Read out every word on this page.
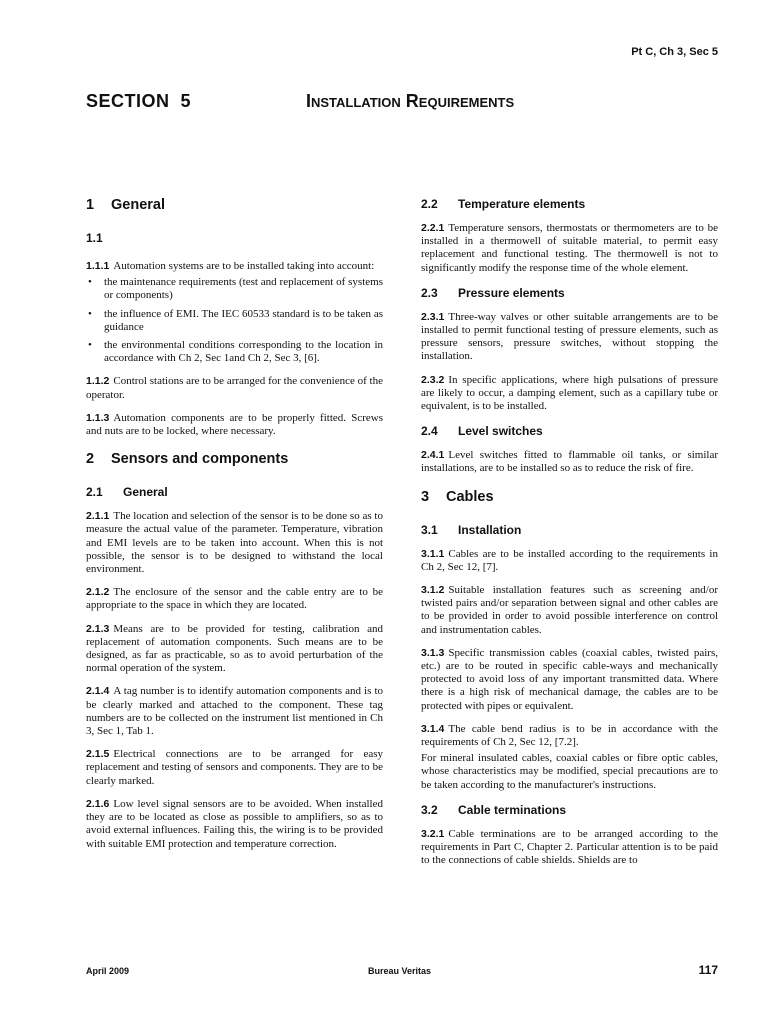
Pt C, Ch 3, Sec 5
SECTION  5	Installation Requirements
1 General
1.1
1.1.1 Automation systems are to be installed taking into account:
• the maintenance requirements (test and replacement of systems or components)
• the influence of EMI. The IEC 60533 standard is to be taken as guidance
• the environmental conditions corresponding to the location in accordance with Ch 2, Sec 1and Ch 2, Sec 3, [6].
1.1.2 Control stations are to be arranged for the convenience of the operator.
1.1.3 Automation components are to be properly fitted. Screws and nuts are to be locked, where necessary.
2 Sensors and components
2.1 General
2.1.1 The location and selection of the sensor is to be done so as to measure the actual value of the parameter. Temperature, vibration and EMI levels are to be taken into account. When this is not possible, the sensor is to be designed to withstand the local environment.
2.1.2 The enclosure of the sensor and the cable entry are to be appropriate to the space in which they are located.
2.1.3 Means are to be provided for testing, calibration and replacement of automation components. Such means are to be designed, as far as practicable, so as to avoid perturbation of the normal operation of the system.
2.1.4 A tag number is to identify automation components and is to be clearly marked and attached to the component. These tag numbers are to be collected on the instrument list mentioned in Ch 3, Sec 1, Tab 1.
2.1.5 Electrical connections are to be arranged for easy replacement and testing of sensors and components. They are to be clearly marked.
2.1.6 Low level signal sensors are to be avoided. When installed they are to be located as close as possible to amplifiers, so as to avoid external influences. Failing this, the wiring is to be provided with suitable EMI protection and temperature correction.
2.2 Temperature elements
2.2.1 Temperature sensors, thermostats or thermometers are to be installed in a thermowell of suitable material, to permit easy replacement and functional testing. The thermowell is not to significantly modify the response time of the whole element.
2.3 Pressure elements
2.3.1 Three-way valves or other suitable arrangements are to be installed to permit functional testing of pressure elements, such as pressure sensors, pressure switches, without stopping the installation.
2.3.2 In specific applications, where high pulsations of pressure are likely to occur, a damping element, such as a capillary tube or equivalent, is to be installed.
2.4 Level switches
2.4.1 Level switches fitted to flammable oil tanks, or similar installations, are to be installed so as to reduce the risk of fire.
3 Cables
3.1 Installation
3.1.1 Cables are to be installed according to the requirements in Ch 2, Sec 12, [7].
3.1.2 Suitable installation features such as screening and/or twisted pairs and/or separation between signal and other cables are to be provided in order to avoid possible interference on control and instrumentation cables.
3.1.3 Specific transmission cables (coaxial cables, twisted pairs, etc.) are to be routed in specific cable-ways and mechanically protected to avoid loss of any important transmitted data. Where there is a high risk of mechanical damage, the cables are to be protected with pipes or equivalent.
3.1.4 The cable bend radius is to be in accordance with the requirements of Ch 2, Sec 12, [7.2].
For mineral insulated cables, coaxial cables or fibre optic cables, whose characteristics may be modified, special precautions are to be taken according to the manufacturer's instructions.
3.2 Cable terminations
3.2.1 Cable terminations are to be arranged according to the requirements in Part C, Chapter 2. Particular attention is to be paid to the connections of cable shields. Shields are to
April 2009	Bureau Veritas	117
